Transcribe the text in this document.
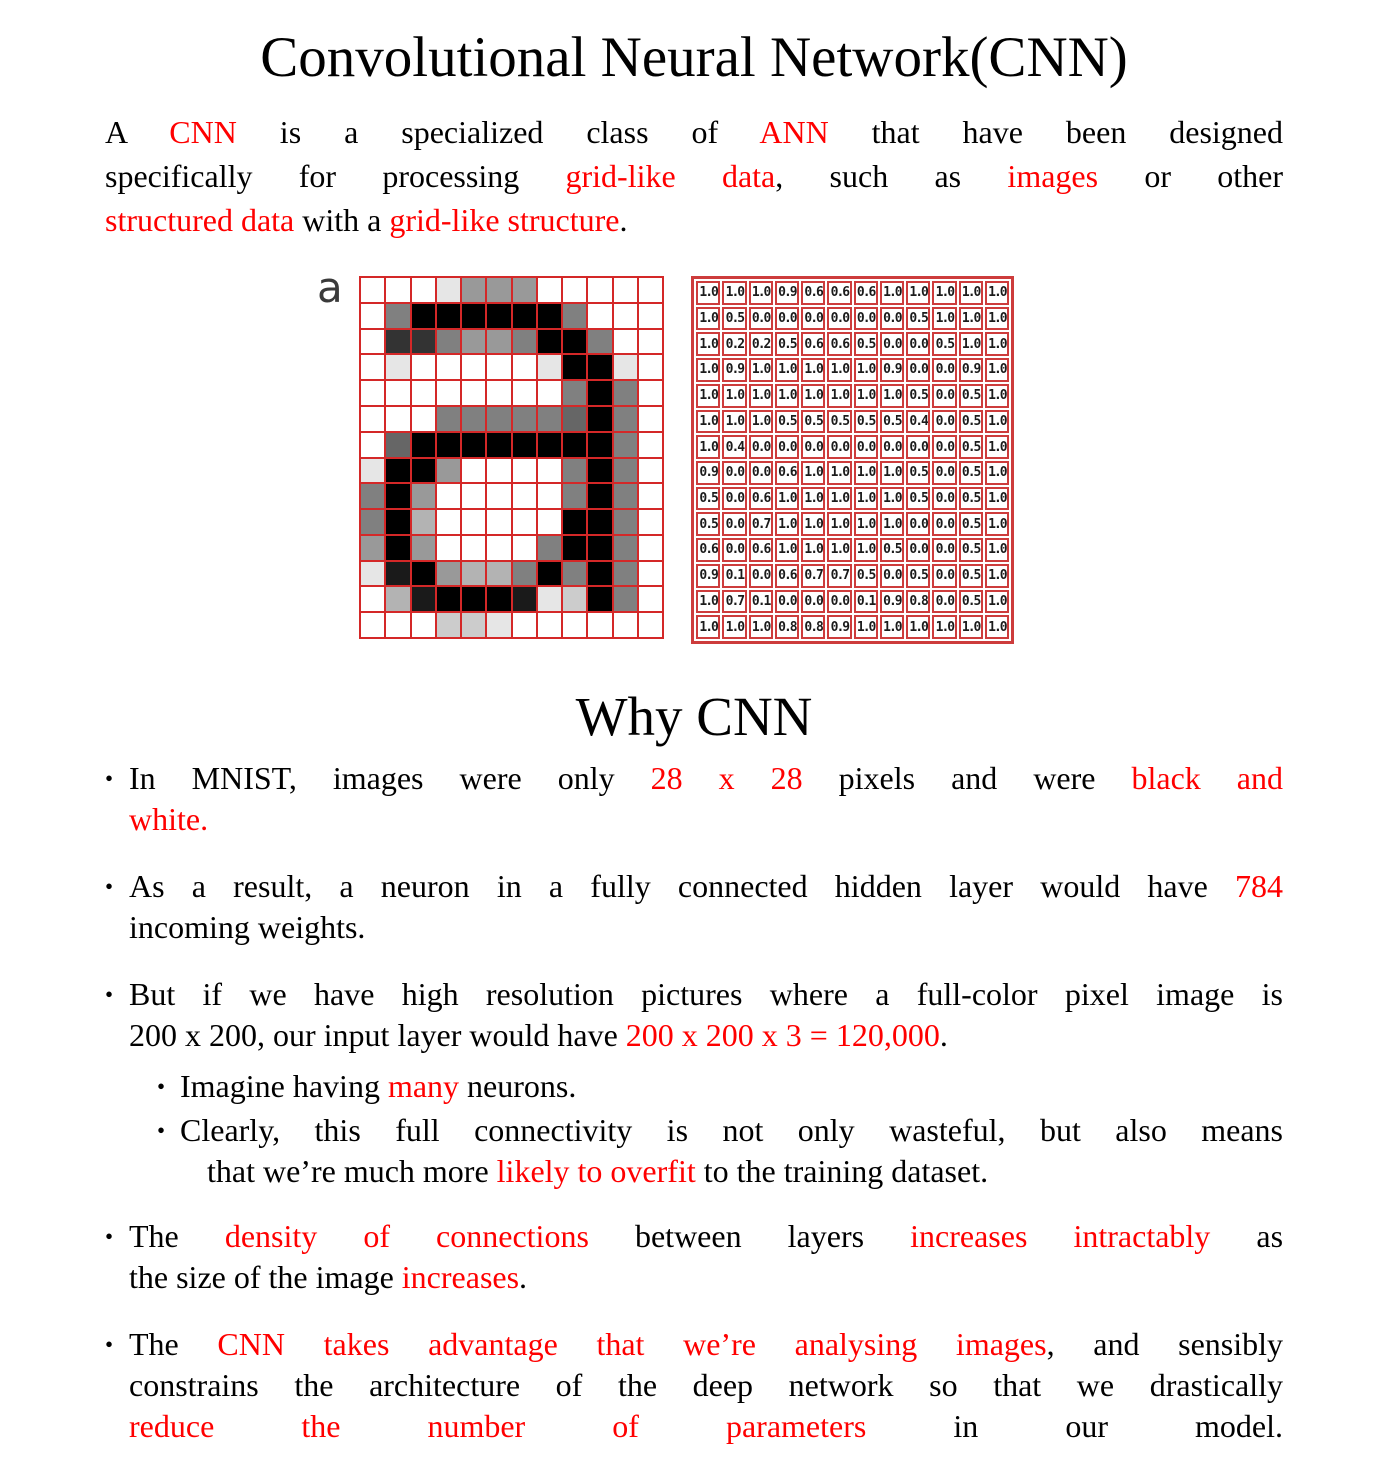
Convolutional Neural Network(CNN)
A CNN is a specialized class of ANN that have been designed
specifically for processing grid-like data, such as images or other
structured data with a grid-like structure.
a	1.0 1.0 1.0 0.9 0.6 0.6 0.6 1.0 1.0 1.0 1.0 1.0
1.0 0.5 0.0 0.0 0.0 0.0 0.0 0.0 0.5 1.0 1.0 1.0
1.0 0.2 0.2 0.5 0.6 0.6 0.5 0.0 0.0 0.5 1.0 1.0
1.0 0.9 1.0 1.0 1.0 1.0 1.0 0.9 0.0 0.0 0.9 1.0
1.0 1.0 1.0 1.0 1.0 1.0 1.0 1.0 0.5 0.0 0.5 1.0
1.0 1.0 1.0 0.5 0.5 0.5 0.5 0.5 0.4 0.0 0.5 1.0
1.0 0.4 0.0 0.0 0.0 0.0 0.0 0.0 0.0 0.0 0.5 1.0
0.9 0.0 0.0 0.6 1.0 1.0 1.0 1.0 0.5 0.0 0.5 1.0
0.5 0.0 0.6 1.0 1.0 1.0 1.0 1.0 0.5 0.0 0.5 1.0
0.5 0.0 0.7 1.0 1.0 1.0 1.0 1.0 0.0 0.0 0.5 1.0
0.6 0.0 0.6 1.0 1.0 1.0 1.0 0.5 0.0 0.0 0.5 1.0
0.9 0.1 0.0 0.6 0.7 0.7 0.5 0.0 0.5 0.0 0.5 1.0
1.0 0.7 0.1 0.0 0.0 0.0 0.1 0.9 0.8 0.0 0.5 1.0
1.0 1.0 1.0 0.8 0.8 0.9 1.0 1.0 1.0 1.0 1.0 1.0
Why CNN
• In MNIST, images were only 28 x 28 pixels and were black and
white.
• As a result, a neuron in a fully connected hidden layer would have 784
incoming weights.
• But if we have high resolution pictures where a full-color pixel image is
200 x 200, our input layer would have 200 x 200 x 3 = 120,000.
• Imagine having many neurons.
• Clearly, this full connectivity is not only wasteful, but also means
that we’re much more likely to overfit to the training dataset.
• The density of connections between layers increases intractably as
the size of the image increases.
• The CNN takes advantage that we’re analysing images, and sensibly
constrains the architecture of the deep network so that we drastically
reduce the number of parameters in our model.
